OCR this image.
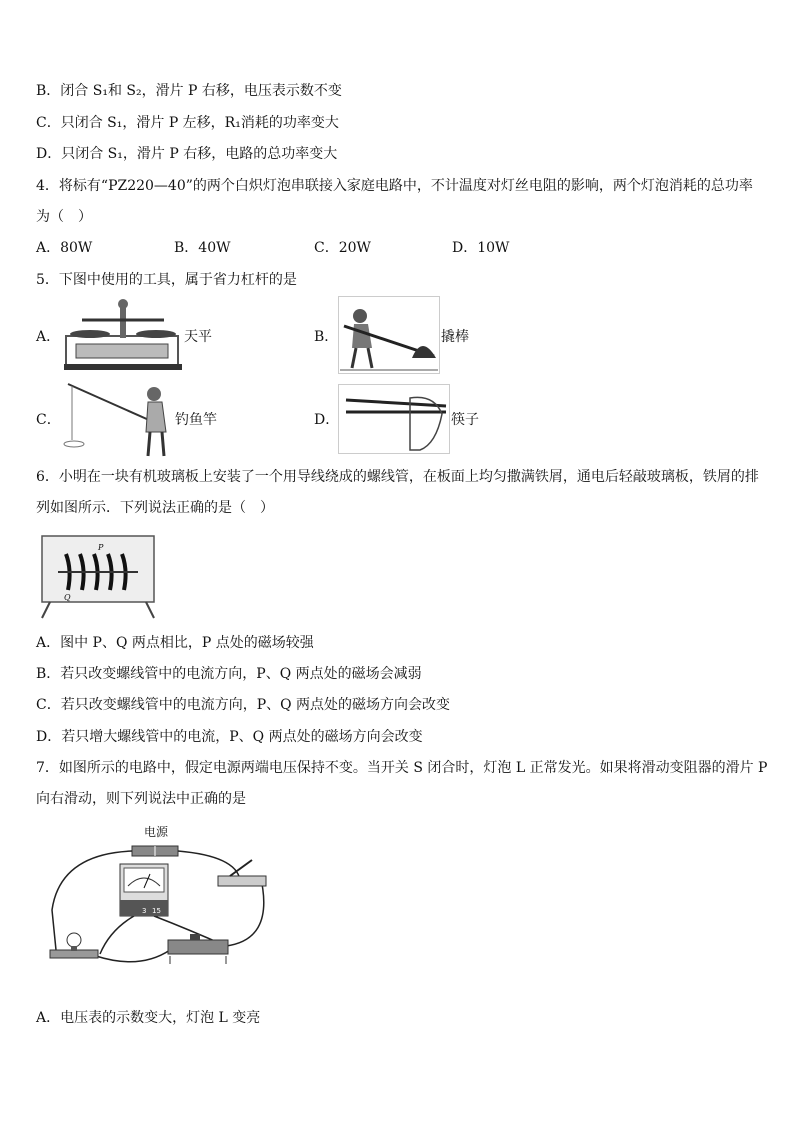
B．闭合 S₁和 S₂，滑片 P 右移，电压表示数不变
C．只闭合 S₁，滑片 P 左移，R₁消耗的功率变大
D．只闭合 S₁，滑片 P 右移，电路的总功率变大
4．将标有“PZ220—40”的两个白炽灯泡串联接入家庭电路中，不计温度对灯丝电阻的影响，两个灯泡消耗的总功率
为（　）
A．80W	B．40W	C．20W	D．10W
5．下图中使用的工具，属于省力杠杆的是
A．	天平	B．	撬棒
C．	钓鱼竿	D．	筷子
6．小明在一块有机玻璃板上安装了一个用导线绕成的螺线管，在板面上均匀撒满铁屑，通电后轻敲玻璃板，铁屑的排
列如图所示．下列说法正确的是（　）
P
Q
A．图中 P、Q 两点相比，P 点处的磁场较强
B．若只改变螺线管中的电流方向，P、Q 两点处的磁场会减弱
C．若只改变螺线管中的电流方向，P、Q 两点处的磁场方向会改变
D．若只增大螺线管中的电流，P、Q 两点处的磁场方向会改变
7．如图所示的电路中，假定电源两端电压保持不变。当开关 S 闭合时，灯泡 L 正常发光。如果将滑动变阻器的滑片 P
向右滑动，则下列说法中正确的是
电源
3 15
A．电压表的示数变大，灯泡 L 变亮
